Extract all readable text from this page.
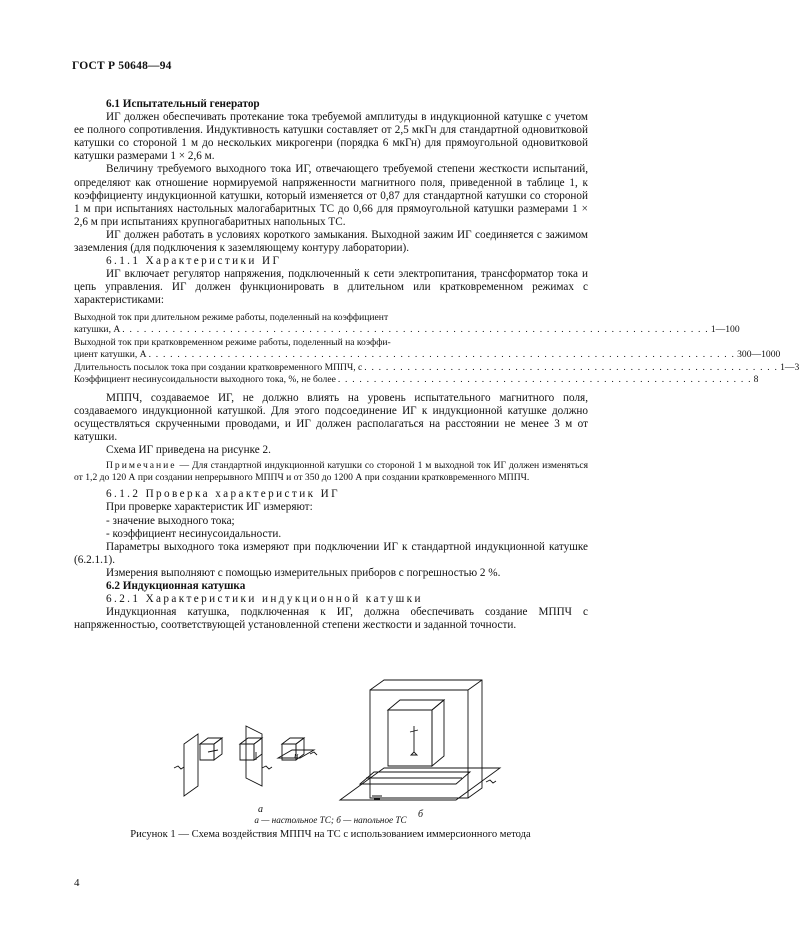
ГОСТ Р 50648—94

6.1 Испытательный генератор

ИГ должен обеспечивать протекание тока требуемой амплитуды в индукционной катушке с учетом ее полного сопротивления. Индуктивность катушки составляет от 2,5 мкГн для стандартной одновитковой катушки со стороной 1 м до нескольких микрогенри (порядка 6 мкГн) для прямоугольной одновитковой катушки размерами 1 × 2,6 м.

Величину требуемого выходного тока ИГ, отвечающего требуемой степени жесткости испытаний, определяют как отношение нормируемой напряженности магнитного поля, приведенной в таблице 1, к коэффициенту индукционной катушки, который изменяется от 0,87 для стандартной катушки со стороной 1 м при испытаниях настольных малогабаритных ТС до 0,66 для прямоугольной катушки размерами 1 × 2,6 м при испытаниях крупногабаритных напольных ТС.

ИГ должен работать в условиях короткого замыкания. Выходной зажим ИГ соединяется с зажимом заземления (для подключения к заземляющему контуру лаборатории).

6.1.1 Характеристики ИГ

ИГ включает регулятор напряжения, подключенный к сети электропитания, трансформатор тока и цепь управления. ИГ должен функционировать в длительном или кратковременном режимах с характеристиками:

Выходной ток при длительном режиме работы, поделенный на коэффициент
катушки, А . . . . . . . . . . . . . . . . . . . . . . . . . . . . . . . . . . . . . . . . . . . . . . . . . . . . . . . . . . . . . . . . . . . . . . . . . . . . . . . . . . 1—100
Выходной ток при кратковременном режиме работы, поделенный на коэффи-
циент катушки, А . . . . . . . . . . . . . . . . . . . . . . . . . . . . . . . . . . . . . . . . . . . . . . . . . . . . . . . . . . . . . . . . . . . . . . . . . . . . . . . . . . 300—1000
Длительность посылок тока при создании кратковременного МППЧ, с . . . . . . . . . . . . . . . . . . . . . . . . . . . . . . . . . . . . . . . . . . . . . . . . . . . . . . . . . . 1—3
Коэффициент несинусоидальности выходного тока, %, не более . . . . . . . . . . . . . . . . . . . . . . . . . . . . . . . . . . . . . . . . . . . . . . . . . . . . . . . . . . 8

МППЧ, создаваемое ИГ, не должно влиять на уровень испытательного магнитного поля, создаваемого индукционной катушкой. Для этого подсоединение ИГ к индукционной катушке должно осуществляться скрученными проводами, и ИГ должен располагаться на расстоянии не менее 3 м от катушки.

Схема ИГ приведена на рисунке 2.

Примечание — Для стандартной индукционной катушки со стороной 1 м выходной ток ИГ должен изменяться от 1,2 до 120 А при создании непрерывного МППЧ и от 350 до 1200 А при создании кратковременного МППЧ.

6.1.2 Проверка характеристик ИГ

При проверке характеристик ИГ измеряют:

- значение выходного тока;

- коэффициент несинусоидальности.

Параметры выходного тока измеряют при подключении ИГ к стандартной индукционной катушке (6.2.1.1).

Измерения выполняют с помощью измерительных приборов с погрешностью 2 %.

6.2 Индукционная катушка

6.2.1 Характеристики индукционной катушки

Индукционная катушка, подключенная к ИГ, должна обеспечивать создание МППЧ с напряженностью, соответствующей установленной степени жесткости и заданной точности.

H
а	б
а — настольное ТС; б — напольное ТС
Рисунок 1 — Схема воздействия МППЧ на ТС с использованием иммерсионного метода
4
